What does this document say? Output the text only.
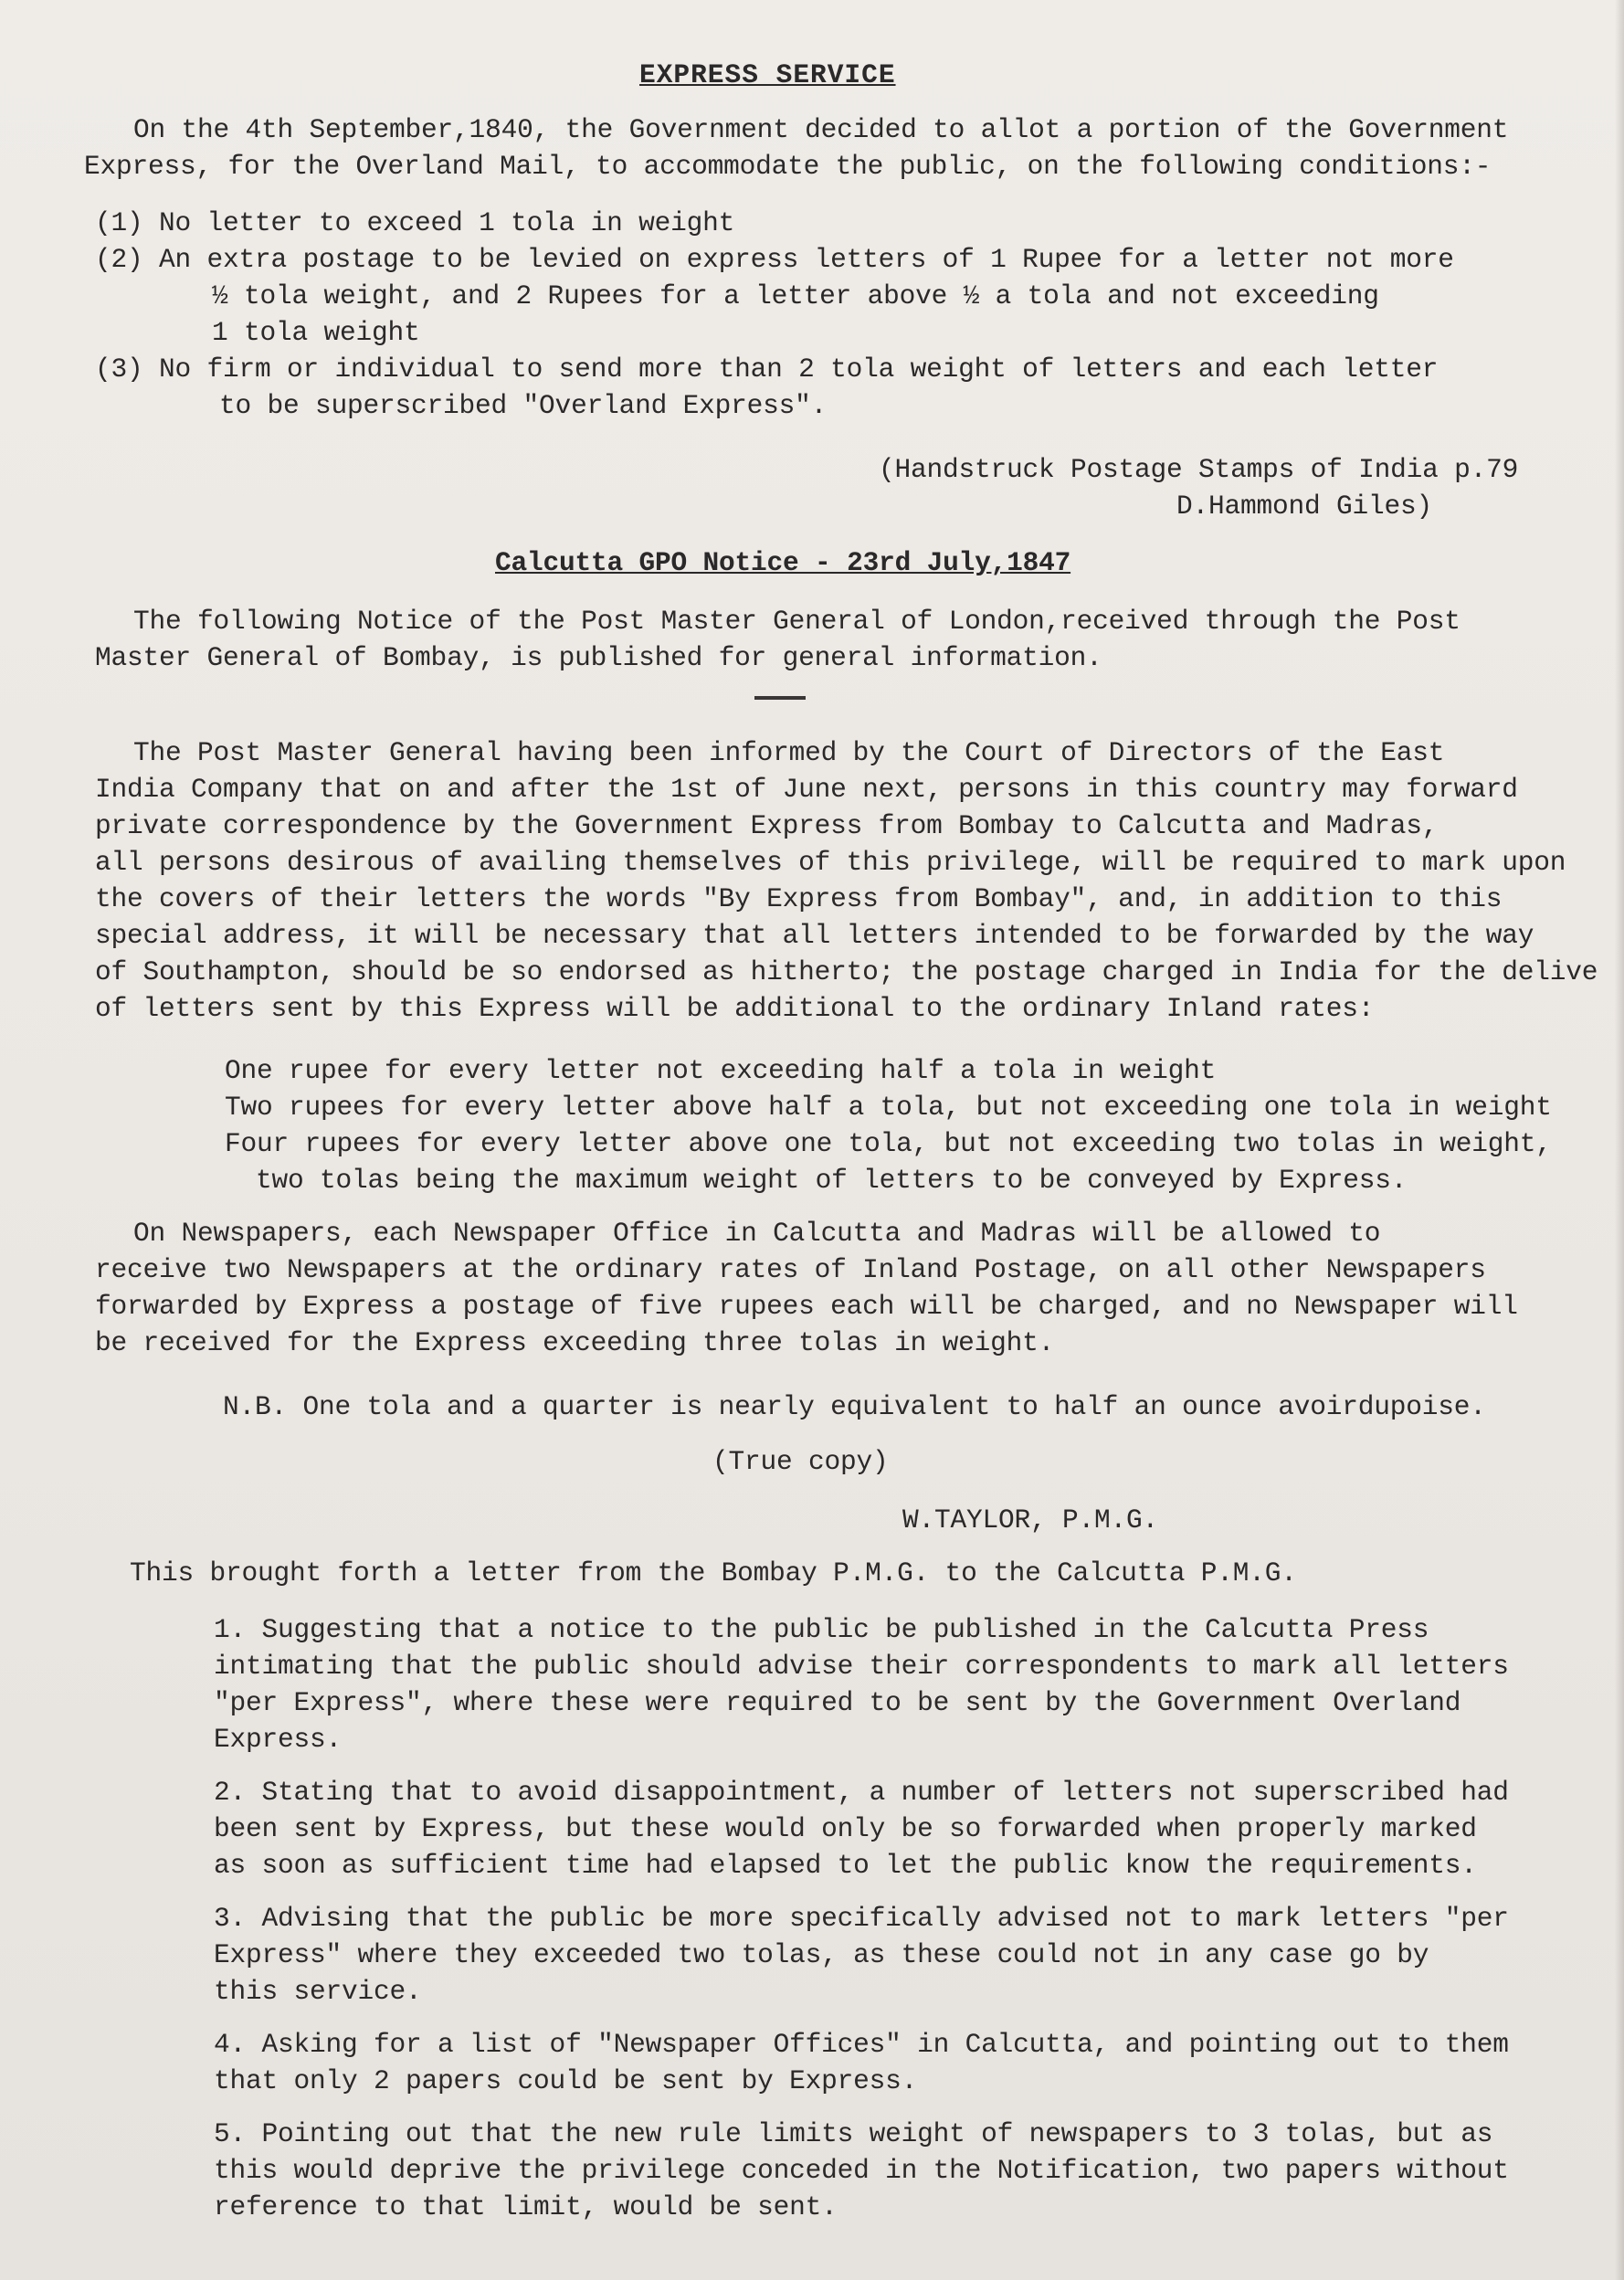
EXPRESS SERVICE
On the 4th September,1840, the Government decided to allot a portion of the Government
Express, for the Overland Mail, to accommodate the public, on the following conditions:-
(1) No letter to exceed 1 tola in weight
(2) An extra postage to be levied on express letters of 1 Rupee for a letter not more
½ tola weight, and 2 Rupees for a letter above ½ a tola and not exceeding
1 tola weight
(3) No firm or individual to send more than 2 tola weight of letters and each letter
to be superscribed "Overland Express".
(Handstruck Postage Stamps of India p.79
D.Hammond Giles)
Calcutta GPO Notice - 23rd July,1847
The following Notice of the Post Master General of London,received through the Post
Master General of Bombay, is published for general information.
The Post Master General having been informed by the Court of Directors of the East
India Company that on and after the 1st of June next, persons in this country may forward
private correspondence by the Government Express from Bombay to Calcutta and Madras,
all persons desirous of availing themselves of this privilege, will be required to mark upon
the covers of their letters the words "By Express from Bombay", and, in addition to this
special address, it will be necessary that all letters intended to be forwarded by the way
of Southampton, should be so endorsed as hitherto; the postage charged in India for the delive
of letters sent by this Express will be additional to the ordinary Inland rates:
One rupee for every letter not exceeding half a tola in weight
Two rupees for every letter above half a tola, but not exceeding one tola in weight
Four rupees for every letter above one tola, but not exceeding two tolas in weight,
two tolas being the maximum weight of letters to be conveyed by Express.
On Newspapers, each Newspaper Office in Calcutta and Madras will be allowed to
receive two Newspapers at the ordinary rates of Inland Postage, on all other Newspapers
forwarded by Express a postage of five rupees each will be charged, and no Newspaper will
be received for the Express exceeding three tolas in weight.
N.B. One tola and a quarter is nearly equivalent to half an ounce avoirdupoise.
(True copy)
W.TAYLOR, P.M.G.
This brought forth a letter from the Bombay P.M.G. to the Calcutta P.M.G.
1. Suggesting that a notice to the public be published in the Calcutta Press
intimating that the public should advise their correspondents to mark all letters
"per Express", where these were required to be sent by the Government Overland
Express.
2. Stating that to avoid disappointment, a number of letters not superscribed had
been sent by Express, but these would only be so forwarded when properly marked
as soon as sufficient time had elapsed to let the public know the requirements.
3. Advising that the public be more specifically advised not to mark letters "per
Express" where they exceeded two tolas, as these could not in any case go by
this service.
4. Asking for a list of "Newspaper Offices" in Calcutta, and pointing out to them
that only 2 papers could be sent by Express.
5. Pointing out that the new rule limits weight of newspapers to 3 tolas, but as
this would deprive the privilege conceded in the Notification, two papers without
reference to that limit, would be sent.
